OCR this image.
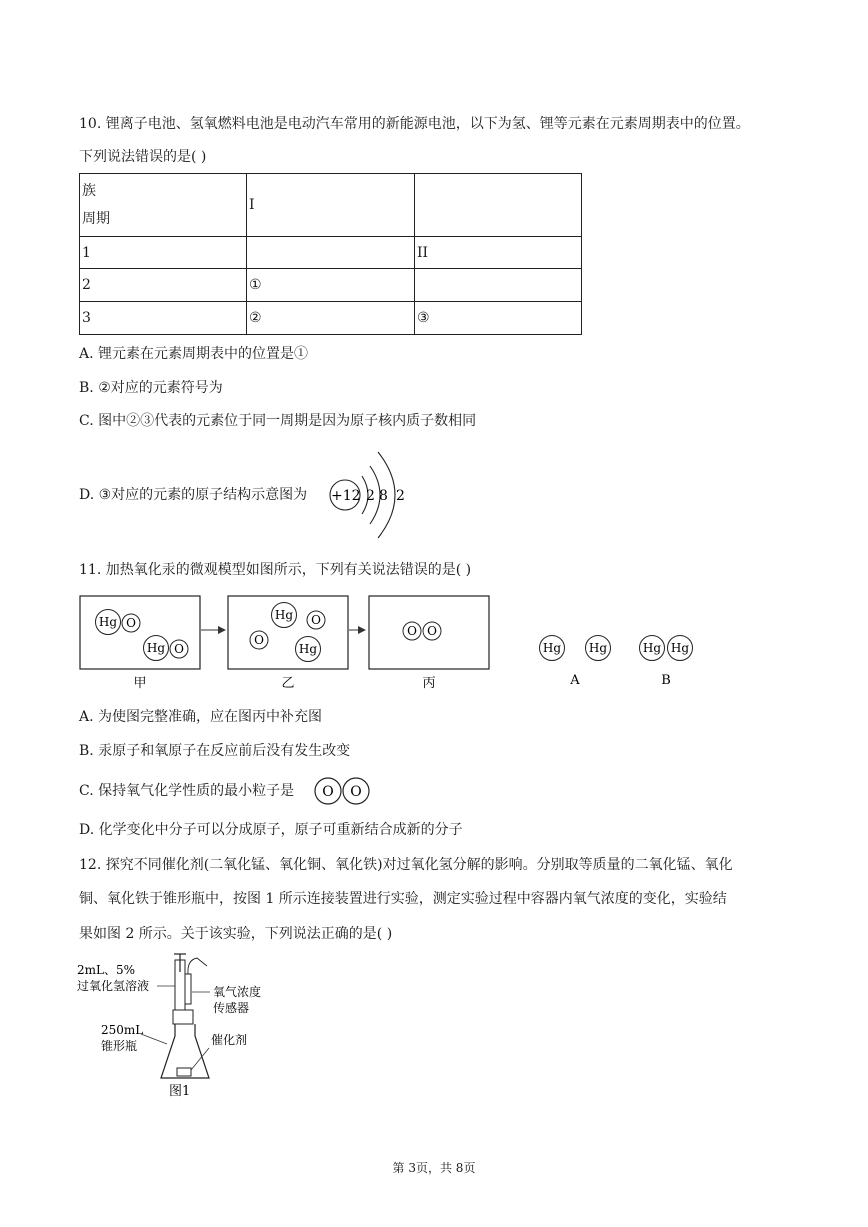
10. 锂离子电池、氢氧燃料电池是电动汽车常用的新能源电池，以下为氢、锂等元素在元素周期表中的位置。
下列说法错误的是( )
族
周期	I	
1		II
2	①	
3	②	③
A. 锂元素在元素周期表中的位置是①
B. ②对应的元素符号为
C. 图中②③代表的元素位于同一周期是因为原子核内质子数相同
D. ③对应的元素的原子结构示意图为 +12 2 8 2
11. 加热氧化汞的微观模型如图所示，下列有关说法错误的是( )
Hg O
Hg O
Hg O
O
Hg
O O
甲	乙	丙
Hg Hg
A
Hg Hg
B
A. 为使图完整准确，应在图丙中补充图
B. 汞原子和氧原子在反应前后没有发生改变
C. 保持氧气化学性质的最小粒子是 O O
D. 化学变化中分子可以分成原子，原子可重新结合成新的分子
12. 探究不同催化剂(二氧化锰、氧化铜、氧化铁)对过氧化氢分解的影响。分别取等质量的二氧化锰、氧化
铜、氧化铁于锥形瓶中，按图 1 所示连接装置进行实验，测定实验过程中容器内氧气浓度的变化，实验结
果如图 2 所示。关于该实验，下列说法正确的是( )
2mL、5%
过氧化氢溶液	氧气浓度
传感器
催化剂
250mL
锥形瓶
图1
第 3页，共 8页
